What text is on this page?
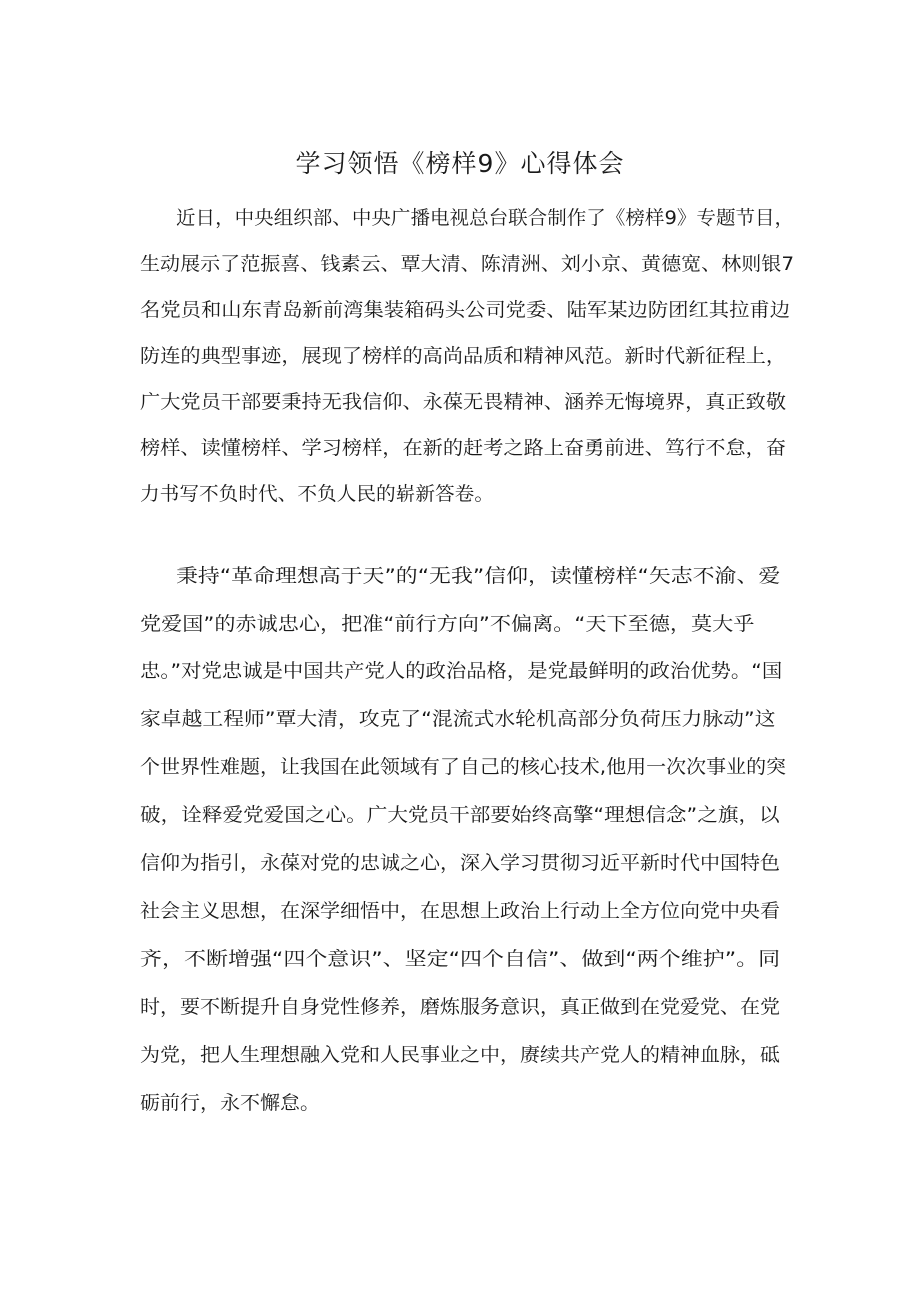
学习领悟《榜样9》心得体会
近日，中央组织部、中央广播电视总台联合制作了《榜样9》专题节目，
生动展示了范振喜、钱素云、覃大清、陈清洲、刘小京、黄德宽、林则银7
名党员和山东青岛新前湾集装箱码头公司党委、陆军某边防团红其拉甫边
防连的典型事迹，展现了榜样的高尚品质和精神风范。新时代新征程上，
广大党员干部要秉持无我信仰、永葆无畏精神、涵养无悔境界，真正致敬
榜样、读懂榜样、学习榜样，在新的赶考之路上奋勇前进、笃行不怠，奋
力书写不负时代、不负人民的崭新答卷。
秉持“革命理想高于天”的“无我”信仰，读懂榜样“矢志不渝、爱
党爱国”的赤诚忠心，把准“前行方向”不偏离。“天下至德，莫大乎
忠。”对党忠诚是中国共产党人的政治品格，是党最鲜明的政治优势。“国
家卓越工程师”覃大清，攻克了“混流式水轮机高部分负荷压力脉动”这
个世界性难题，让我国在此领域有了自己的核心技术,他用一次次事业的突
破，诠释爱党爱国之心。广大党员干部要始终高擎“理想信念”之旗，以
信仰为指引，永葆对党的忠诚之心，深入学习贯彻习近平新时代中国特色
社会主义思想，在深学细悟中，在思想上政治上行动上全方位向党中央看
齐，不断增强“四个意识”、坚定“四个自信”、做到“两个维护”。同
时，要不断提升自身党性修养，磨炼服务意识，真正做到在党爱党、在党
为党，把人生理想融入党和人民事业之中，赓续共产党人的精神血脉，砥
砺前行，永不懈怠。
